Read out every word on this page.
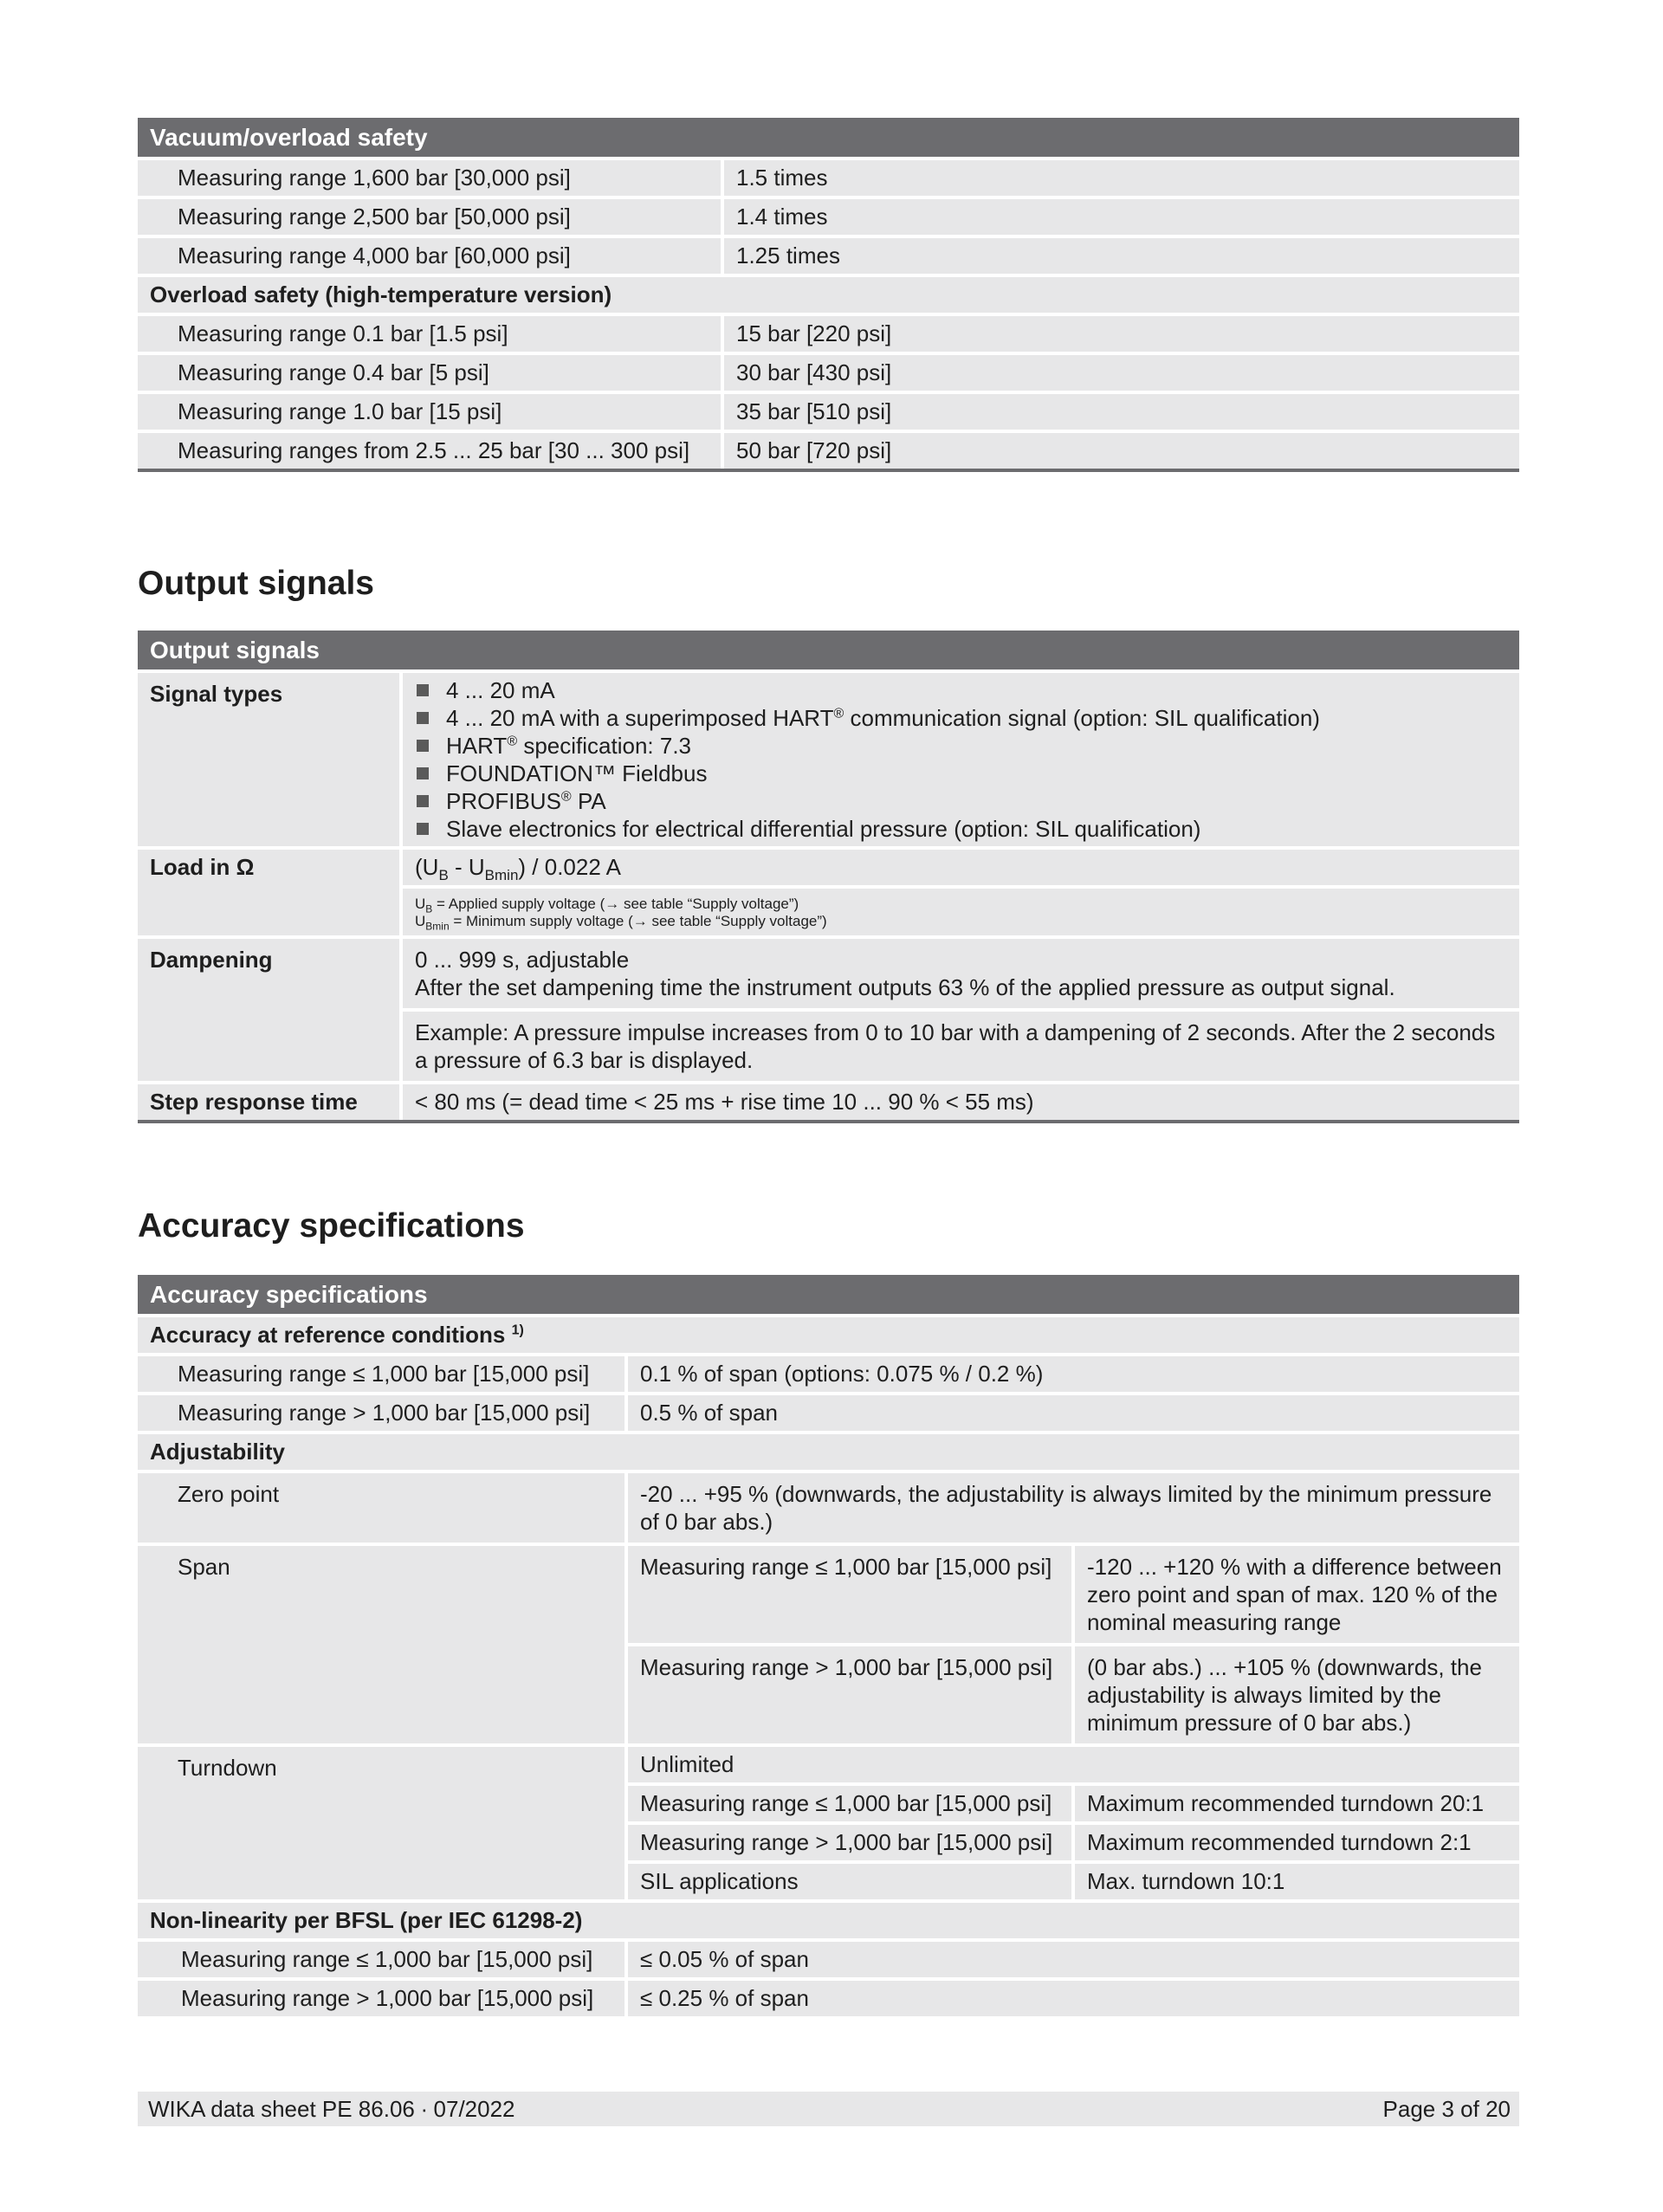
Vacuum/overload safety
Measuring range 1,600 bar [30,000 psi]	1.5 times
Measuring range 2,500 bar [50,000 psi]	1.4 times
Measuring range 4,000 bar [60,000 psi]	1.25 times
Overload safety (high-temperature version)
Measuring range 0.1 bar [1.5 psi]	15 bar [220 psi]
Measuring range 0.4 bar [5 psi]	30 bar [430 psi]
Measuring range 1.0 bar [15 psi]	35 bar [510 psi]
Measuring ranges from 2.5 ... 25 bar [30 ... 300 psi]	50 bar [720 psi]
Output signals
Output signals
Signal types	4 ... 20 mA
4 ... 20 mA with a superimposed HART® communication signal (option: SIL qualification)
HART® specification: 7.3
FOUNDATION™ Fieldbus
PROFIBUS® PA
Slave electronics for electrical differential pressure (option: SIL qualification)
Load in Ω	$(U_B - U_{Bmin}) / 0.022$ A
$U_B$ = Applied supply voltage (→ see table “Supply voltage”)
$U_{Bmin}$ = Minimum supply voltage (→ see table “Supply voltage”)
Dampening	0 ... 999 s, adjustable
After the set dampening time the instrument outputs 63 % of the applied pressure as output signal.
Example: A pressure impulse increases from 0 to 10 bar with a dampening of 2 seconds. After the 2 seconds a pressure of 6.3 bar is displayed.
Step response time	< 80 ms (= dead time < 25 ms + rise time 10 ... 90 % < 55 ms)
Accuracy specifications
Accuracy specifications
Accuracy at reference conditions $^{1)}$
Measuring range ≤ 1,000 bar [15,000 psi]	0.1 % of span (options: 0.075 % / 0.2 %)
Measuring range > 1,000 bar [15,000 psi]	0.5 % of span
Adjustability
Zero point	-20 ... +95 % (downwards, the adjustability is always limited by the minimum pressure of 0 bar abs.)
Span	Measuring range ≤ 1,000 bar [15,000 psi]	-120 ... +120 % with a difference between zero point and span of max. 120 % of the nominal measuring range
Measuring range > 1,000 bar [15,000 psi]	(0 bar abs.) ... +105 % (downwards, the adjustability is always limited by the minimum pressure of 0 bar abs.)
Turndown	Unlimited
Measuring range ≤ 1,000 bar [15,000 psi]	Maximum recommended turndown 20:1
Measuring range > 1,000 bar [15,000 psi]	Maximum recommended turndown 2:1
SIL applications	Max. turndown 10:1
Non-linearity per BFSL (per IEC 61298-2)
Measuring range ≤ 1,000 bar [15,000 psi]	≤ 0.05 % of span
Measuring range > 1,000 bar [15,000 psi]	≤ 0.25 % of span
WIKA data sheet PE 86.06 ∙ 07/2022	Page 3 of 20
